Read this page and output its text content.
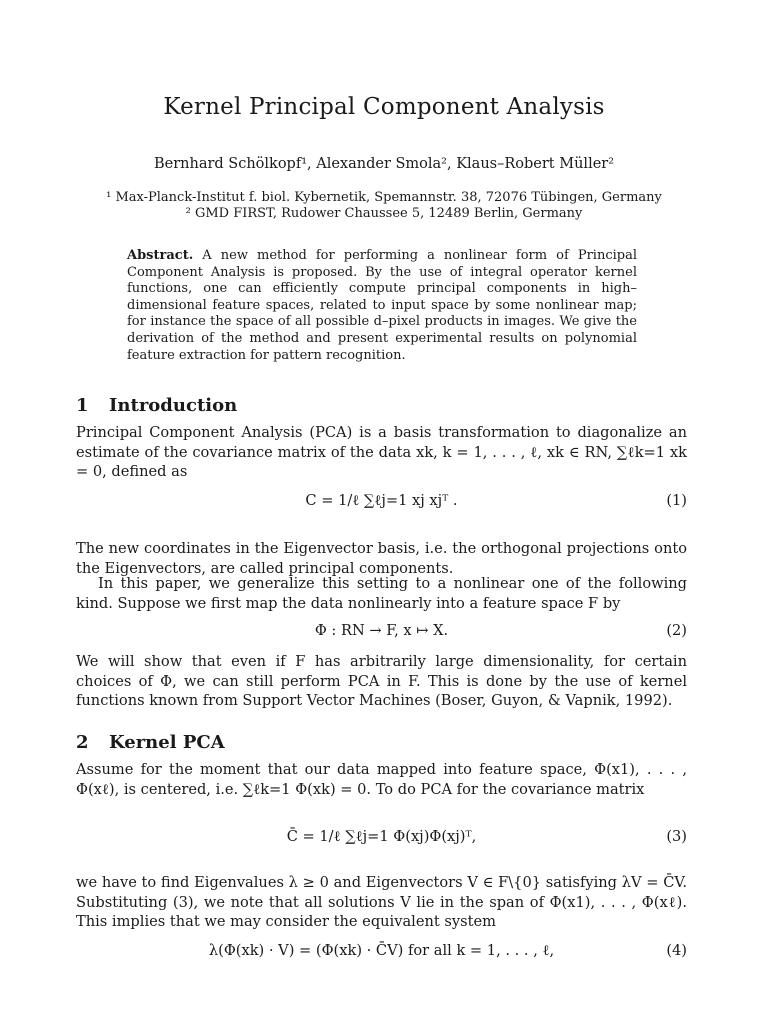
Kernel Principal Component Analysis
Bernhard Schölkopf¹, Alexander Smola², Klaus–Robert Müller²
¹ Max-Planck-Institut f. biol. Kybernetik, Spemannstr. 38, 72076 Tübingen, Germany
² GMD FIRST, Rudower Chaussee 5, 12489 Berlin, Germany
Abstract. A new method for performing a nonlinear form of Principal Component Analysis is proposed. By the use of integral operator kernel functions, one can efficiently compute principal components in high–dimensional feature spaces, related to input space by some nonlinear map; for instance the space of all possible d–pixel products in images. We give the derivation of the method and present experimental results on polynomial feature extraction for pattern recognition.
1 Introduction
Principal Component Analysis (PCA) is a basis transformation to diagonalize an estimate of the covariance matrix of the data xk, k = 1, . . . , ℓ, xk ∈ RN, ∑ℓk=1 xk = 0, defined as
C = 1/ℓ ∑ℓj=1 xj xjᵀ .	(1)
The new coordinates in the Eigenvector basis, i.e. the orthogonal projections onto the Eigenvectors, are called principal components.
In this paper, we generalize this setting to a nonlinear one of the following kind. Suppose we first map the data nonlinearly into a feature space F by
Φ : RN → F, x ↦ X.	(2)
We will show that even if F has arbitrarily large dimensionality, for certain choices of Φ, we can still perform PCA in F. This is done by the use of kernel functions known from Support Vector Machines (Boser, Guyon, & Vapnik, 1992).
2 Kernel PCA
Assume for the moment that our data mapped into feature space, Φ(x1), . . . , Φ(xℓ), is centered, i.e. ∑ℓk=1 Φ(xk) = 0. To do PCA for the covariance matrix
C̄ = 1/ℓ ∑ℓj=1 Φ(xj)Φ(xj)ᵀ,	(3)
we have to find Eigenvalues λ ≥ 0 and Eigenvectors V ∈ F\{0} satisfying λV = C̄V. Substituting (3), we note that all solutions V lie in the span of Φ(x1), . . . , Φ(xℓ). This implies that we may consider the equivalent system
λ(Φ(xk) · V) = (Φ(xk) · C̄V) for all k = 1, . . . , ℓ,	(4)
